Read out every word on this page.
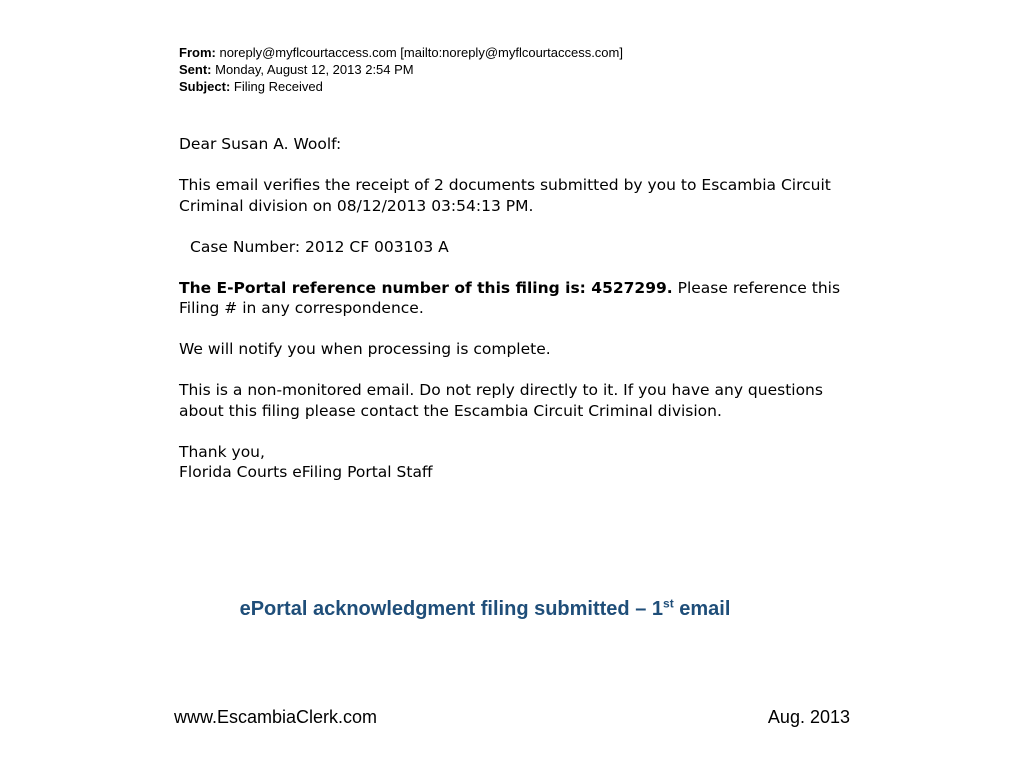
From: noreply@myflcourtaccess.com [mailto:noreply@myflcourtaccess.com]
Sent: Monday, August 12, 2013 2:54 PM
Subject: Filing Received

Dear Susan A. Woolf:

This email verifies the receipt of 2 documents submitted by you to Escambia Circuit Criminal division on 08/12/2013 03:54:13 PM.

Case Number: 2012 CF 003103 A

The E-Portal reference number of this filing is: 4527299. Please reference this Filing # in any correspondence.

We will notify you when processing is complete.

This is a non-monitored email. Do not reply directly to it. If you have any questions about this filing please contact the Escambia Circuit Criminal division.

Thank you,
Florida Courts eFiling Portal Staff
ePortal acknowledgment filing submitted – 1st email
www.EscambiaClerk.com	Aug. 2013
